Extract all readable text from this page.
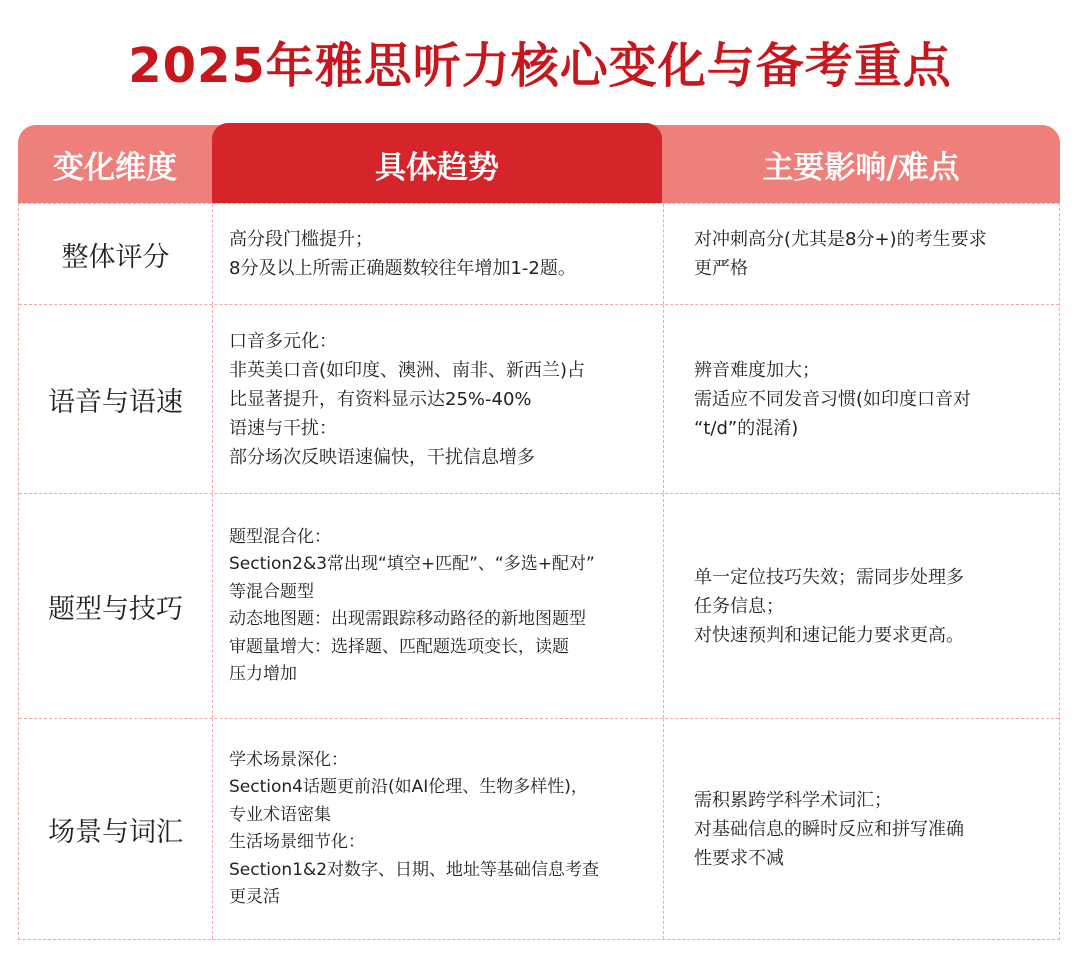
2025年雅思听力核心变化与备考重点
变化维度	具体趋势	主要影响/难点
整体评分
高分段门槛提升；
8分及以上所需正确题数较往年增加1-2题。
对冲刺高分(尤其是8分+)的考生要求
更严格
语音与语速
口音多元化：
非英美口音(如印度、澳洲、南非、新西兰)占
比显著提升，有资料显示达25%-40%
语速与干扰：
部分场次反映语速偏快，干扰信息增多
辨音难度加大；
需适应不同发音习惯(如印度口音对
“t/d”的混淆)
题型与技巧
题型混合化：
Section2&3常出现“填空+匹配”、“多选+配对”
等混合题型
动态地图题：出现需跟踪移动路径的新地图题型
审题量增大：选择题、匹配题选项变长，读题
压力增加
单一定位技巧失效；需同步处理多
任务信息；
对快速预判和速记能力要求更高。
场景与词汇
学术场景深化：
Section4话题更前沿(如AI伦理、生物多样性)，
专业术语密集
生活场景细节化：
Section1&2对数字、日期、地址等基础信息考查
更灵活
需积累跨学科学术词汇；
对基础信息的瞬时反应和拼写准确
性要求不减
